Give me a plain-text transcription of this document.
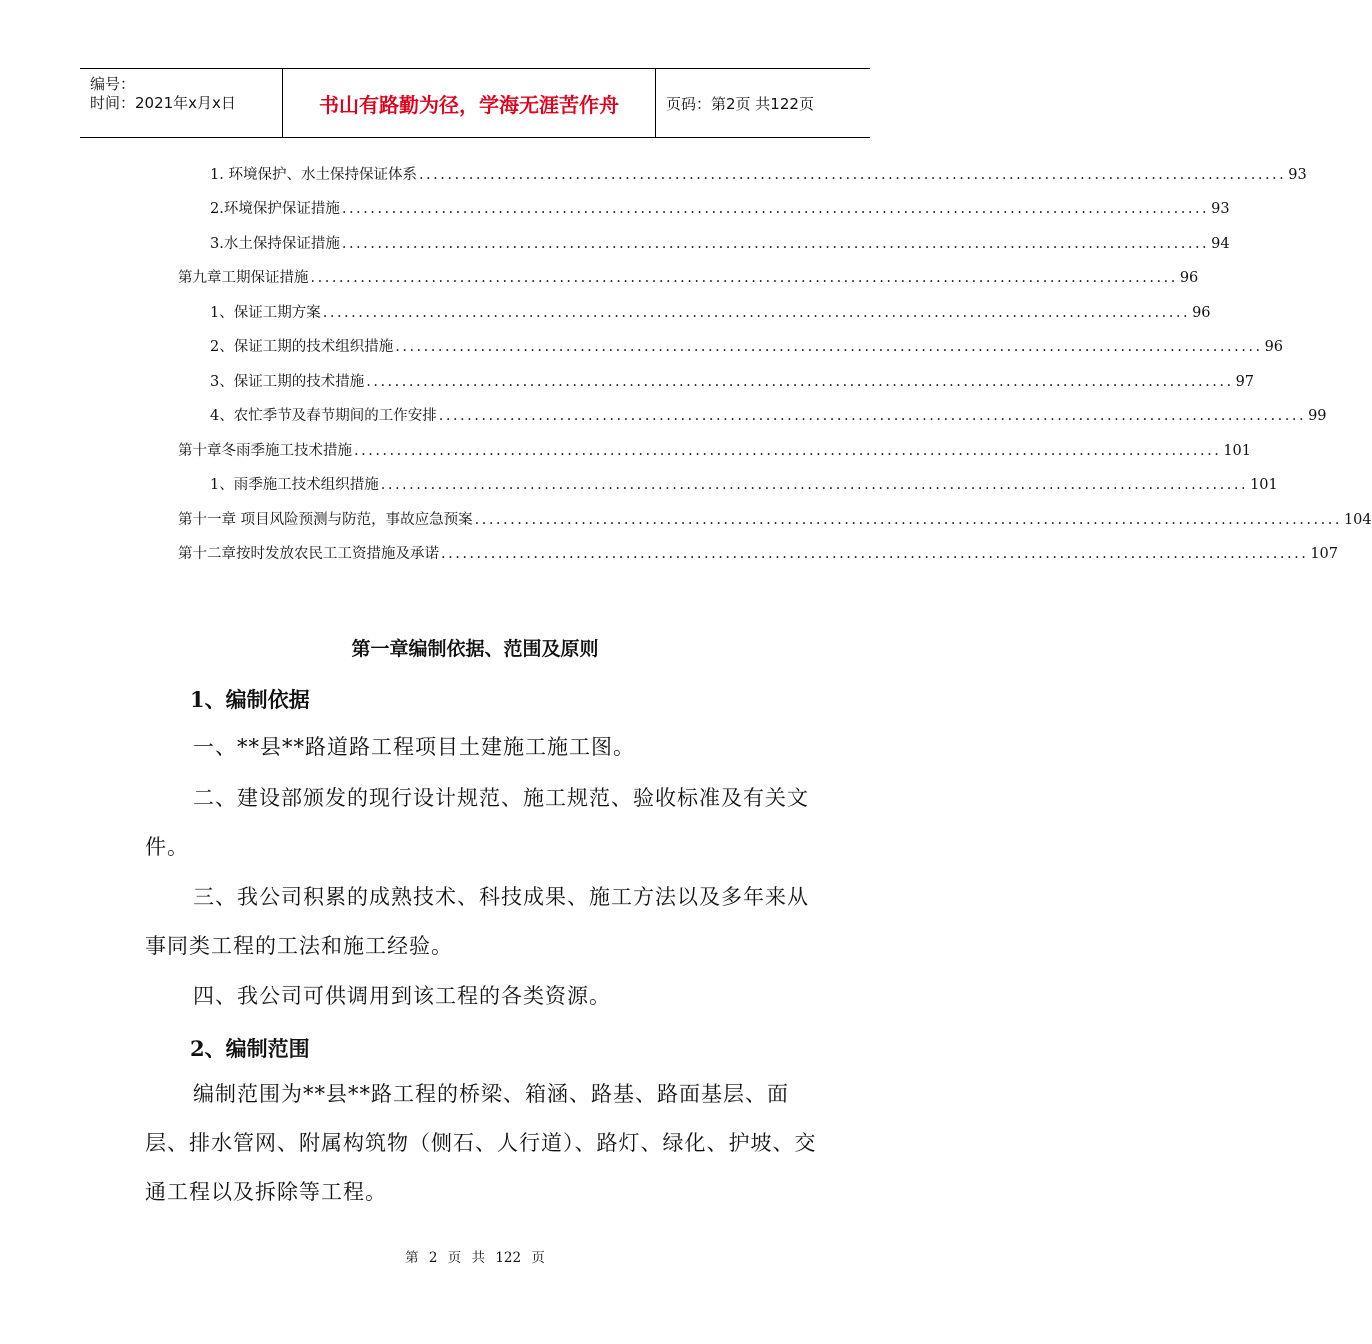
编号：
时间：2021年x月x日	书山有路勤为径，学海无涯苦作舟	页码：第2页 共122页
1. 环境保护、水土保持保证体系 .......................................................................................................................... 93
2.环境保护保证措施 .......................................................................................................................... 93
3.水土保持保证措施 .......................................................................................................................... 94
第九章工期保证措施 .......................................................................................................................... 96
1、保证工期方案 .......................................................................................................................... 96
2、保证工期的技术组织措施 .......................................................................................................................... 96
3、保证工期的技术措施 .......................................................................................................................... 97
4、农忙季节及春节期间的工作安排 .......................................................................................................................... 99
第十章冬雨季施工技术措施 .......................................................................................................................... 101
1、雨季施工技术组织措施 .......................................................................................................................... 101
第十一章 项目风险预测与防范，事故应急预案 .......................................................................................................................... 104
第十二章按时发放农民工工资措施及承诺 .......................................................................................................................... 107
第一章编制依据、范围及原则
1、编制依据

一、**县**路道路工程项目土建施工施工图。

二、建设部颁发的现行设计规范、施工规范、验收标准及有关文件。

三、我公司积累的成熟技术、科技成果、施工方法以及多年来从事同类工程的工法和施工经验。

四、我公司可供调用到该工程的各类资源。

2、编制范围

编制范围为**县**路工程的桥梁、箱涵、路基、路面基层、面层、排水管网、附属构筑物（侧石、人行道）、路灯、绿化、护坡、交通工程以及拆除等工程。

第 2 页 共 122 页
